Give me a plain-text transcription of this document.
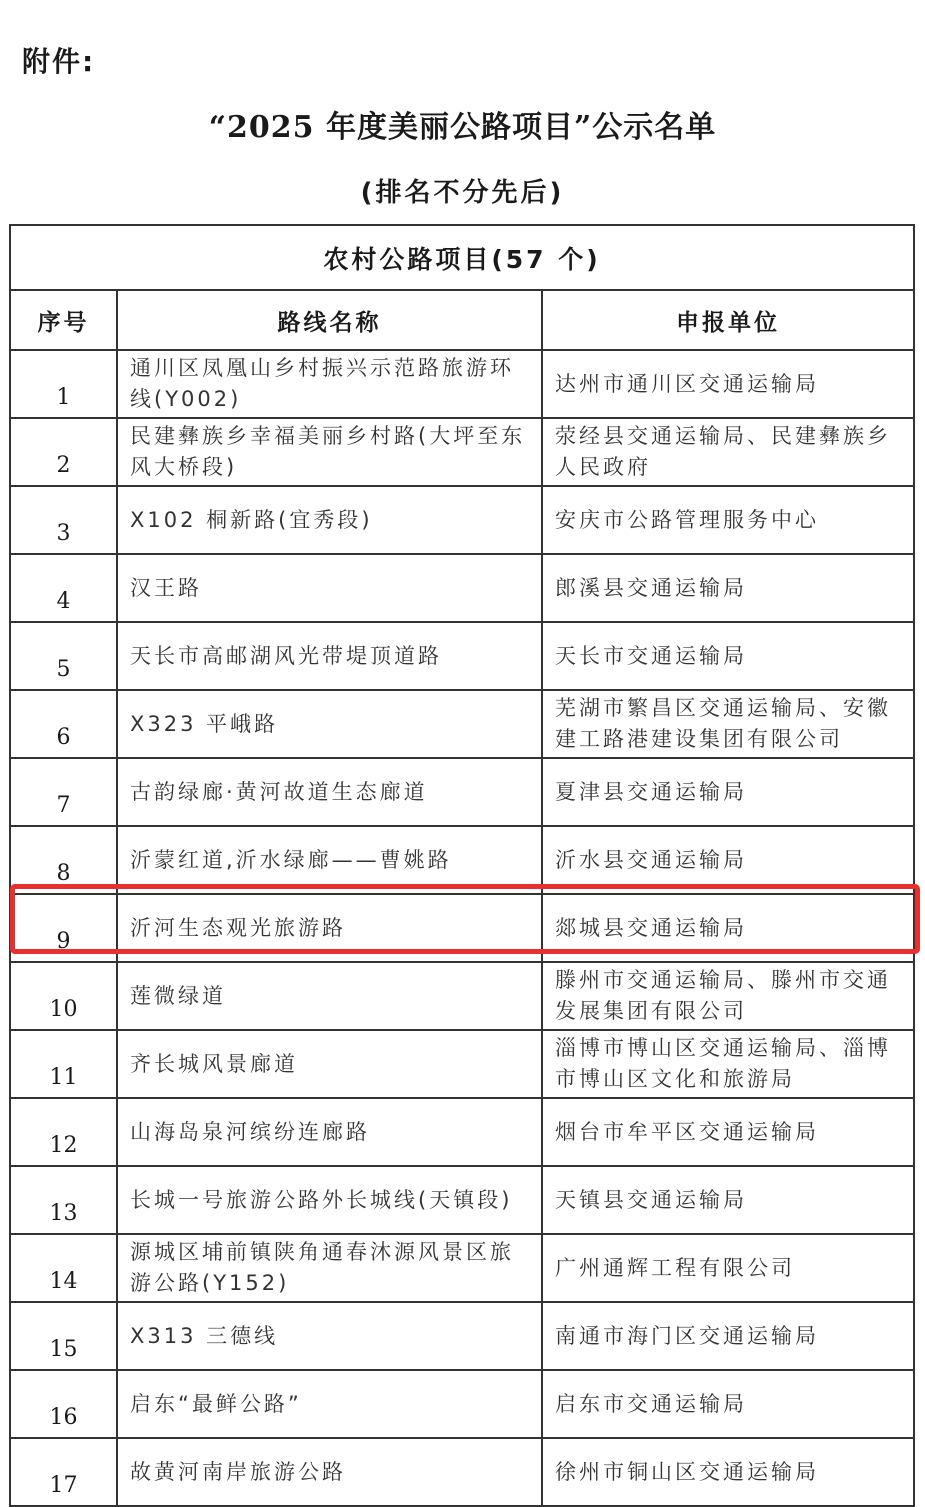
附件:
“2025 年度美丽公路项目”公示名单
(排名不分先后)
农村公路项目(57 个)		
序号	路线名称	申报单位
1	通川区凤凰山乡村振兴示范路旅游环线(Y002)	达州市通川区交通运输局
2	民建彝族乡幸福美丽乡村路(大坪至东风大桥段)	荥经县交通运输局、民建彝族乡人民政府
3	X102 桐新路(宜秀段)	安庆市公路管理服务中心
4	汉王路	郎溪县交通运输局
5	天长市高邮湖风光带堤顶道路	天长市交通运输局
6	X323 平峨路	芜湖市繁昌区交通运输局、安徽建工路港建设集团有限公司
7	古韵绿廊·黄河故道生态廊道	夏津县交通运输局
8	沂蒙红道,沂水绿廊——曹姚路	沂水县交通运输局
9	沂河生态观光旅游路	郯城县交通运输局
10	莲微绿道	滕州市交通运输局、滕州市交通发展集团有限公司
11	齐长城风景廊道	淄博市博山区交通运输局、淄博市博山区文化和旅游局
12	山海岛泉河缤纷连廊路	烟台市牟平区交通运输局
13	长城一号旅游公路外长城线(天镇段)	天镇县交通运输局
14	源城区埔前镇陕角通春沐源风景区旅游公路(Y152)	广州通辉工程有限公司
15	X313 三德线	南通市海门区交通运输局
16	启东“最鲜公路”	启东市交通运输局
17	故黄河南岸旅游公路	徐州市铜山区交通运输局
